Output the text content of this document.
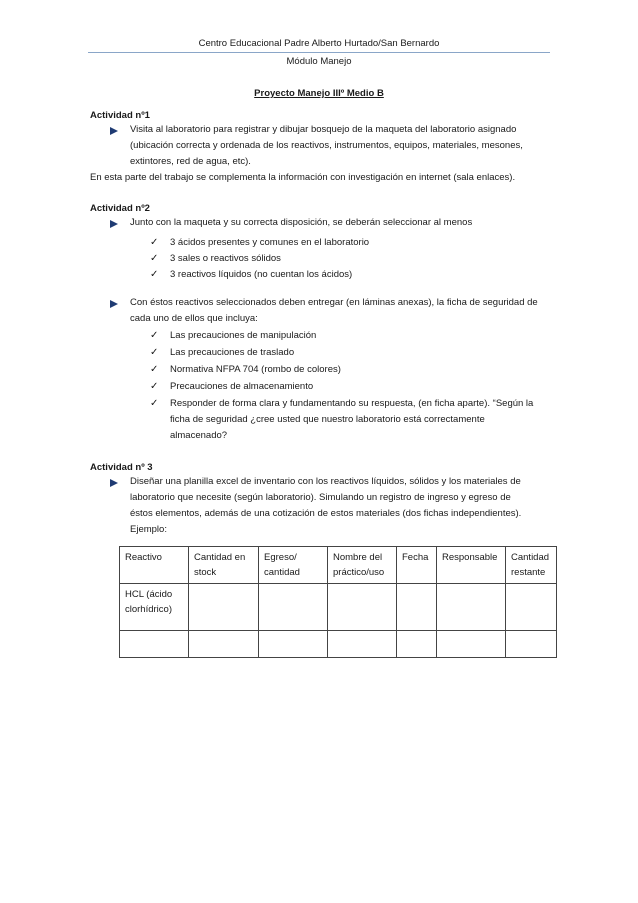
Centro Educacional Padre Alberto Hurtado/San Bernardo
Módulo Manejo
Proyecto Manejo IIIº Medio B
Actividad nº1
Visita al laboratorio para registrar y dibujar bosquejo de la maqueta del laboratorio asignado
(ubicación correcta y ordenada de los reactivos, instrumentos, equipos, materiales, mesones,
extintores, red de agua, etc).
En esta parte del trabajo se complementa la información con investigación en internet (sala enlaces).
Actividad nº2
Junto con la maqueta y su correcta disposición, se deberán seleccionar al menos
✓ 3 ácidos presentes y comunes en el laboratorio
✓ 3 sales o reactivos sólidos
✓ 3 reactivos líquidos (no cuentan los ácidos)
Con éstos reactivos seleccionados deben entregar (en láminas anexas), la ficha de seguridad de
cada uno de ellos que incluya:
✓ Las precauciones de manipulación
✓ Las precauciones de traslado
✓ Normativa NFPA 704 (rombo de colores)
✓ Precauciones de almacenamiento
✓ Responder de forma clara y fundamentando su respuesta, (en ficha aparte). “Según la
ficha de seguridad ¿cree usted que nuestro laboratorio está correctamente
almacenado?
Actividad nº 3
Diseñar una planilla excel de inventario con los reactivos líquidos, sólidos y los materiales de
laboratorio que necesite (según laboratorio). Simulando un registro de ingreso y egreso de
éstos elementos, además de una cotización de estos materiales (dos fichas independientes).
Ejemplo:
Reactivo	Cantidad en stock	Egreso/ cantidad	Nombre del práctico/uso	Fecha	Responsable	Cantidad restante
HCL (ácido clorhídrico)						
